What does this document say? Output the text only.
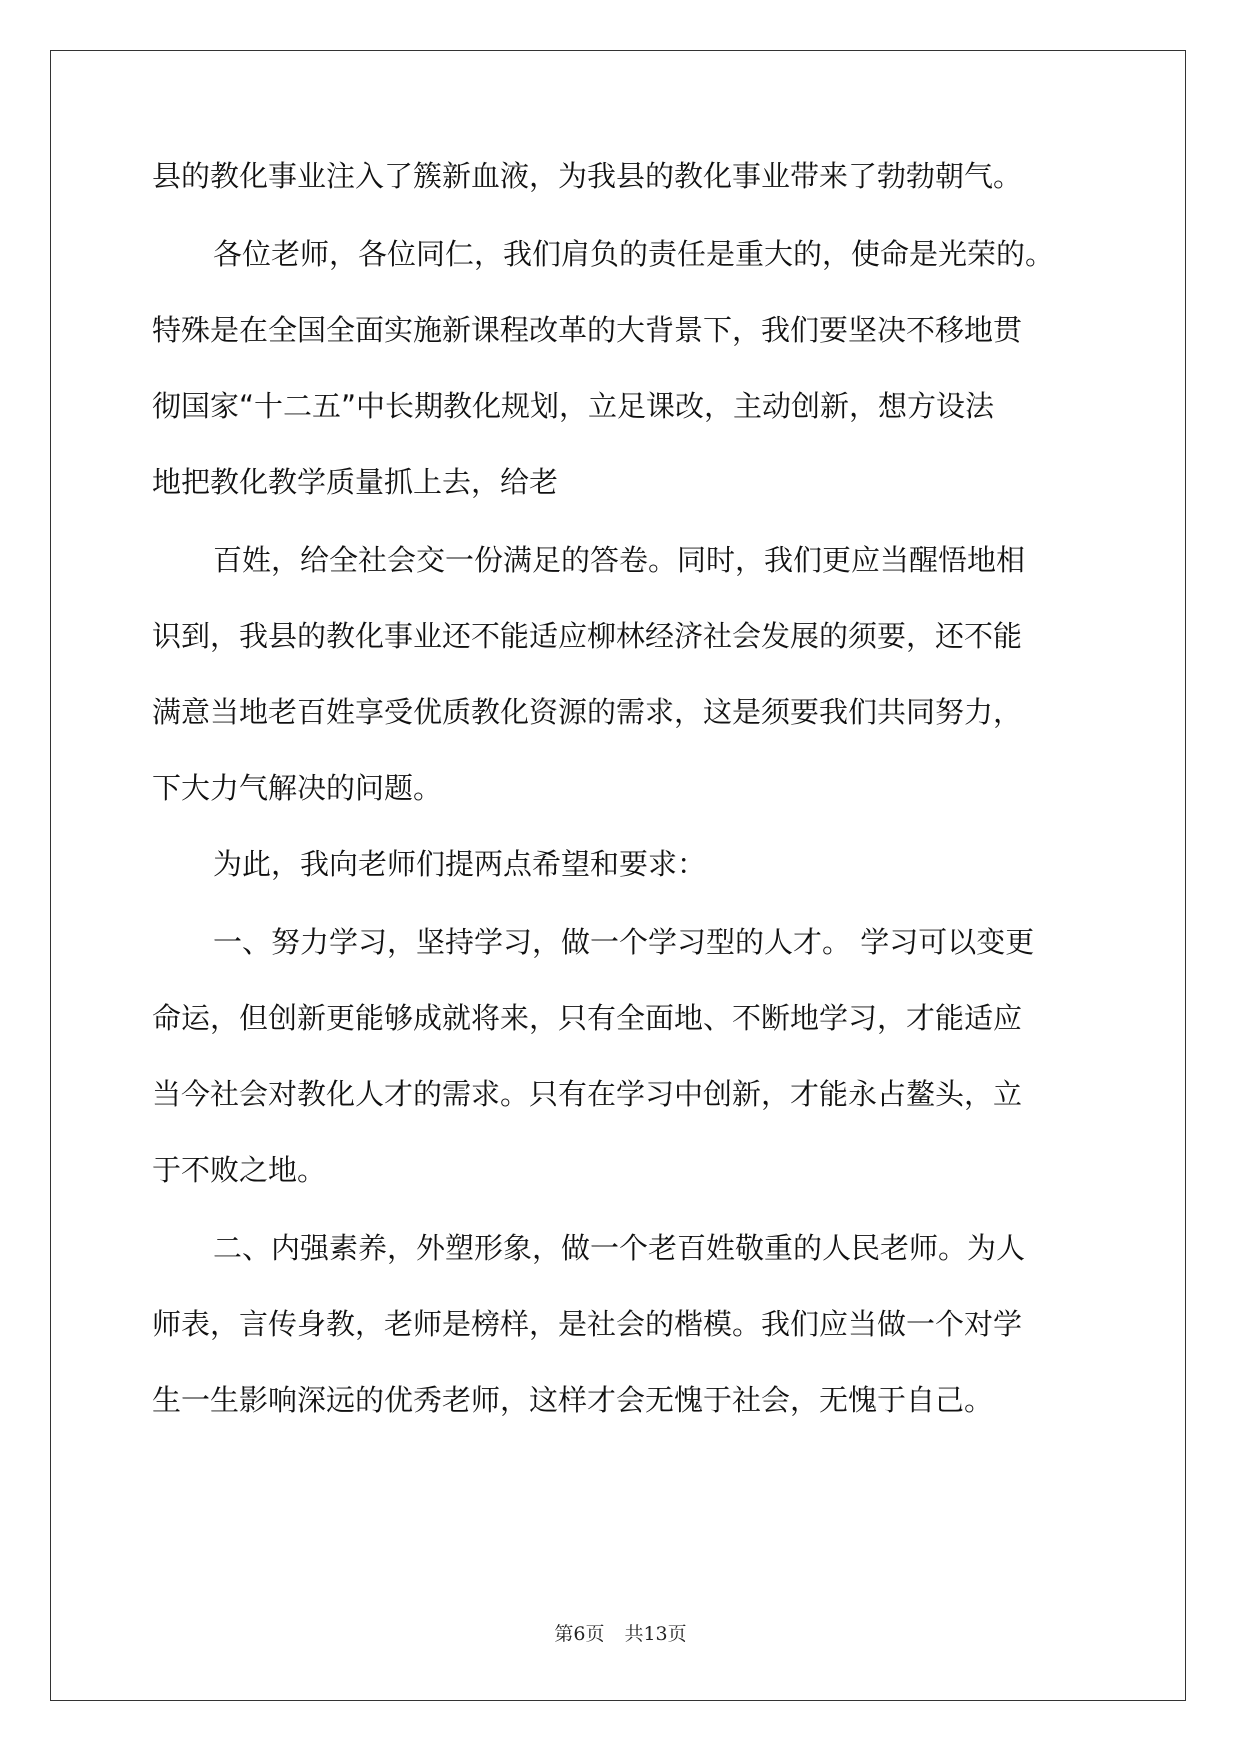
县的教化事业注入了簇新血液，为我县的教化事业带来了勃勃朝气。

各位老师，各位同仁，我们肩负的责任是重大的，使命是光荣的。

特殊是在全国全面实施新课程改革的大背景下，我们要坚决不移地贯

彻国家“十二五”中长期教化规划，立足课改，主动创新，想方设法

地把教化教学质量抓上去，给老

百姓，给全社会交一份满足的答卷。同时，我们更应当醒悟地相

识到，我县的教化事业还不能适应柳林经济社会发展的须要，还不能

满意当地老百姓享受优质教化资源的需求，这是须要我们共同努力，

下大力气解决的问题。

为此，我向老师们提两点希望和要求：

一、努力学习，坚持学习，做一个学习型的人才。 学习可以变更

命运，但创新更能够成就将来，只有全面地、不断地学习，才能适应

当今社会对教化人才的需求。只有在学习中创新，才能永占鳌头，立

于不败之地。

二、内强素养，外塑形象，做一个老百姓敬重的人民老师。为人

师表，言传身教，老师是榜样，是社会的楷模。我们应当做一个对学

生一生影响深远的优秀老师，这样才会无愧于社会，无愧于自己。

第6页 共13页
